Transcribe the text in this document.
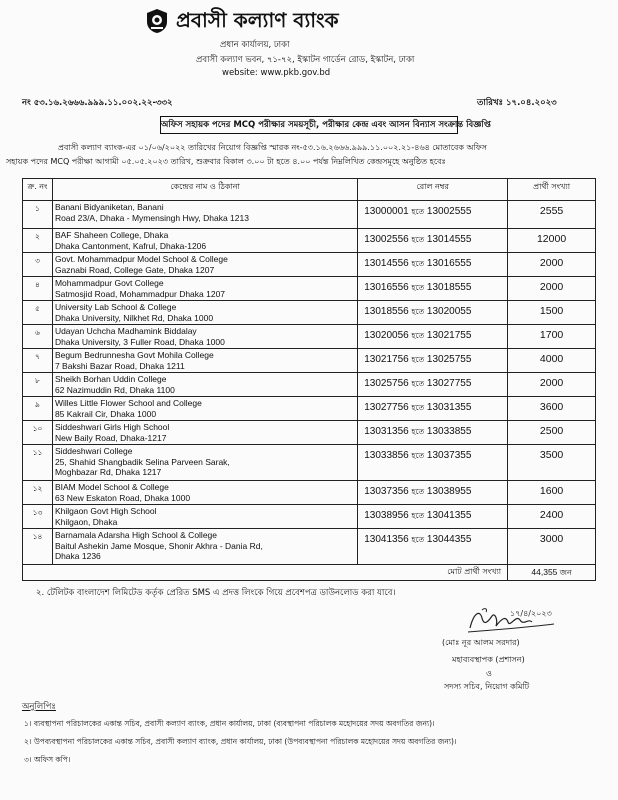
প্রবাসী কল্যাণ ব্যাংক
প্রধান কার্যালয়, ঢাকা
প্রবাসী কল্যাণ ভবন, ৭১-৭২, ইস্কাটন গার্ডেন রোড, ইস্কাটন, ঢাকা
website: www.pkb.gov.bd
নং ৫৩.১৬.২৬৬৬.৯৯৯.১১.০০২.২২-৩৩২	তারিখঃ ১৭.০৪.২০২৩
অফিস সহায়ক পদের MCQ পরীক্ষার সময়সূচী, পরীক্ষার কেন্দ্র এবং আসন বিন্যাস সংক্রান্ত বিজ্ঞপ্তি
প্রবাসী কল্যাণ ব্যাংক-এর ০১/০৬/২০২২ তারিখের নিয়োগ বিজ্ঞপ্তি স্মারক নং-৫৩.১৬.২৬৬৬.৯৯৯.১১.০০২.২১-৪৬৪ মোতাবেক অফিস
সহায়ক পদের MCQ পরীক্ষা আগামী ০৫.০৫.২০২৩ তারিখ, শুক্রবার বিকাল ৩.০০ টা হতে ৪.০০ পর্যন্ত নিম্নলিখিত কেন্দ্রসমূহে অনুষ্ঠিত হবেঃ
ক্র. নং	কেন্দ্রের নাম ও ঠিকানা	রোল নম্বর	প্রার্থী সংখ্যা
১	Banani Bidyaniketan, Banani
Road 23/A, Dhaka - Mymensingh Hwy, Dhaka 1213	13000001 হতে 13002555	2555
২	BAF Shaheen College, Dhaka
Dhaka Cantonment, Kafrul, Dhaka-1206	13002556 হতে 13014555	12000
৩	Govt. Mohammadpur Model School & College
Gaznabi Road, College Gate, Dhaka 1207	13014556 হতে 13016555	2000
৪	Mohammadpur Govt College
Satmosjid Road, Mohammadpur Dhaka 1207	13016556 হতে 13018555	2000
৫	University Lab School & College
Dhaka University, Nilkhet Rd, Dhaka 1000	13018556 হতে 13020055	1500
৬	Udayan Uchcha Madhamink Biddalay
Dhaka University, 3 Fuller Road, Dhaka 1000	13020056 হতে 13021755	1700
৭	Begum Bedrunnesha Govt Mohila College
7 Bakshi Bazar Road, Dhaka 1211	13021756 হতে 13025755	4000
৮	Sheikh Borhan Uddin College
62 Nazimuddin Rd, Dhaka 1100	13025756 হতে 13027755	2000
৯	Willes Little Flower School and College
85 Kakrail Cir, Dhaka 1000	13027756 হতে 13031355	3600
১০	Siddeshwari Girls High School
New Baily Road, Dhaka-1217	13031356 হতে 13033855	2500
১১	Siddeshwari College
25, Shahid Shangbadik Selina Parveen Sarak,
Moghbazar Rd, Dhaka 1217	13033856 হতে 13037355	3500
১২	BIAM Model School & College
63 New Eskaton Road, Dhaka 1000	13037356 হতে 13038955	1600
১৩	Khilgaon Govt High School
Khilgaon, Dhaka	13038956 হতে 13041355	2400
১৪	Barnamala Adarsha High School & College
Baitul Ashekin Jame Mosque, Shonir Akhra - Dania Rd,
Dhaka 1236	13041356 হতে 13044355	3000
মোট প্রার্থী সংখ্যা			44,355 জন
২. টেলিটক বাংলাদেশ লিমিটেড কর্তৃক প্রেরিত SMS এ প্রদত্ত লিংকে গিয়ে প্রবেশপত্র ডাউনলোড করা যাবে।
১৭/৪/২০২৩
(মোঃ নূর আলম সরদার)
মহাব্যবস্থাপক (প্রশাসন)
ও
সদস্য সচিব, নিয়োগ কমিটি
অনুলিপিঃ
১। ব্যবস্থাপনা পরিচালকের একান্ত সচিব, প্রবাসী কল্যাণ ব্যাংক, প্রধান কার্যালয়, ঢাকা (ব্যবস্থাপনা পরিচালক মহোদয়ের সদয় অবগতির জন্য)।
২। উপব্যবস্থাপনা পরিচালকের একান্ত সচিব, প্রবাসী কল্যাণ ব্যাংক, প্রধান কার্যালয়, ঢাকা (উপব্যবস্থাপনা পরিচালক মহোদয়ের সদয় অবগতির জন্য)।
৩। অফিস কপি।
